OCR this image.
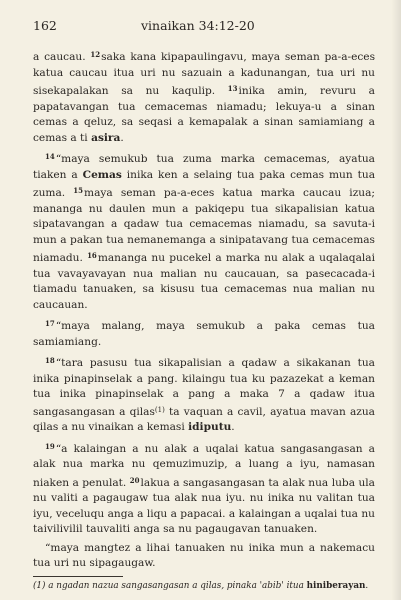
162	vinaikan 34:12-20

a caucau. $^{12}$saka kana kipapaulingavu, maya seman pa-a-eces katua caucau itua uri nu sazuain a kadunangan, tua uri nu sisekapalakan sa nu kaqulip. $^{13}$inika amin, revuru a papatavangan tua cemacemas niamadu; lekuya-u a sinan cemas a qeluz, sa seqasi a kemapalak a sinan samiamiang a cemas a ti asira.

$^{14}$“maya semukub tua zuma marka cemacemas, ayatua tiaken a Cemas inika ken a selaing tua paka cemas mun tua zuma. $^{15}$maya seman pa-a-eces katua marka caucau izua; mananga nu daulen mun a pakiqepu tua sikapalisian katua sipatavangan a qadaw tua cemacemas niamadu, sa savuta-i mun a pakan tua nemanemanga a sinipatavang tua cemacemas niamadu. $^{16}$mananga nu pucekel a marka nu alak a uqalaqalai tua vavayavayan nua malian nu caucauan, sa pasecacada-i tiamadu tanuaken, sa kisusu tua cemacemas nua malian nu caucauan.

$^{17}$“maya malang, maya semukub a paka cemas tua samiamiang.

$^{18}$“tara pasusu tua sikapalisian a qadaw a sikakanan tua inika pinapinselak a pang. kilaingu tua ku pazazekat a keman tua inika pinapinselak a pang a maka 7 a qadaw itua sangasangasan a qilas$^{(1)}$ ta vaquan a cavil, ayatua mavan azua qilas a nu vinaikan a kemasi idiputu.

$^{19}$“a kalaingan a nu alak a uqalai katua sangasangasan a alak nua marka nu qemuzimuzip, a luang a iyu, namasan niaken a penulat. $^{20}$lakua a sangasangasan ta alak nua luba ula nu valiti a pagaugaw tua alak nua iyu. nu inika nu valitan tua iyu, veceluqu anga a liqu a papacai. a kalaingan a uqalai tua nu taivilivilil tauvaliti anga sa nu pagaugavan tanuaken.

“maya mangtez a lihai tanuaken nu inika mun a nakemacu tua uri nu sipagaugaw.

(1) a ngadan nazua sangasangasan a qilas, pinaka 'abib' itua hiniberayan.
